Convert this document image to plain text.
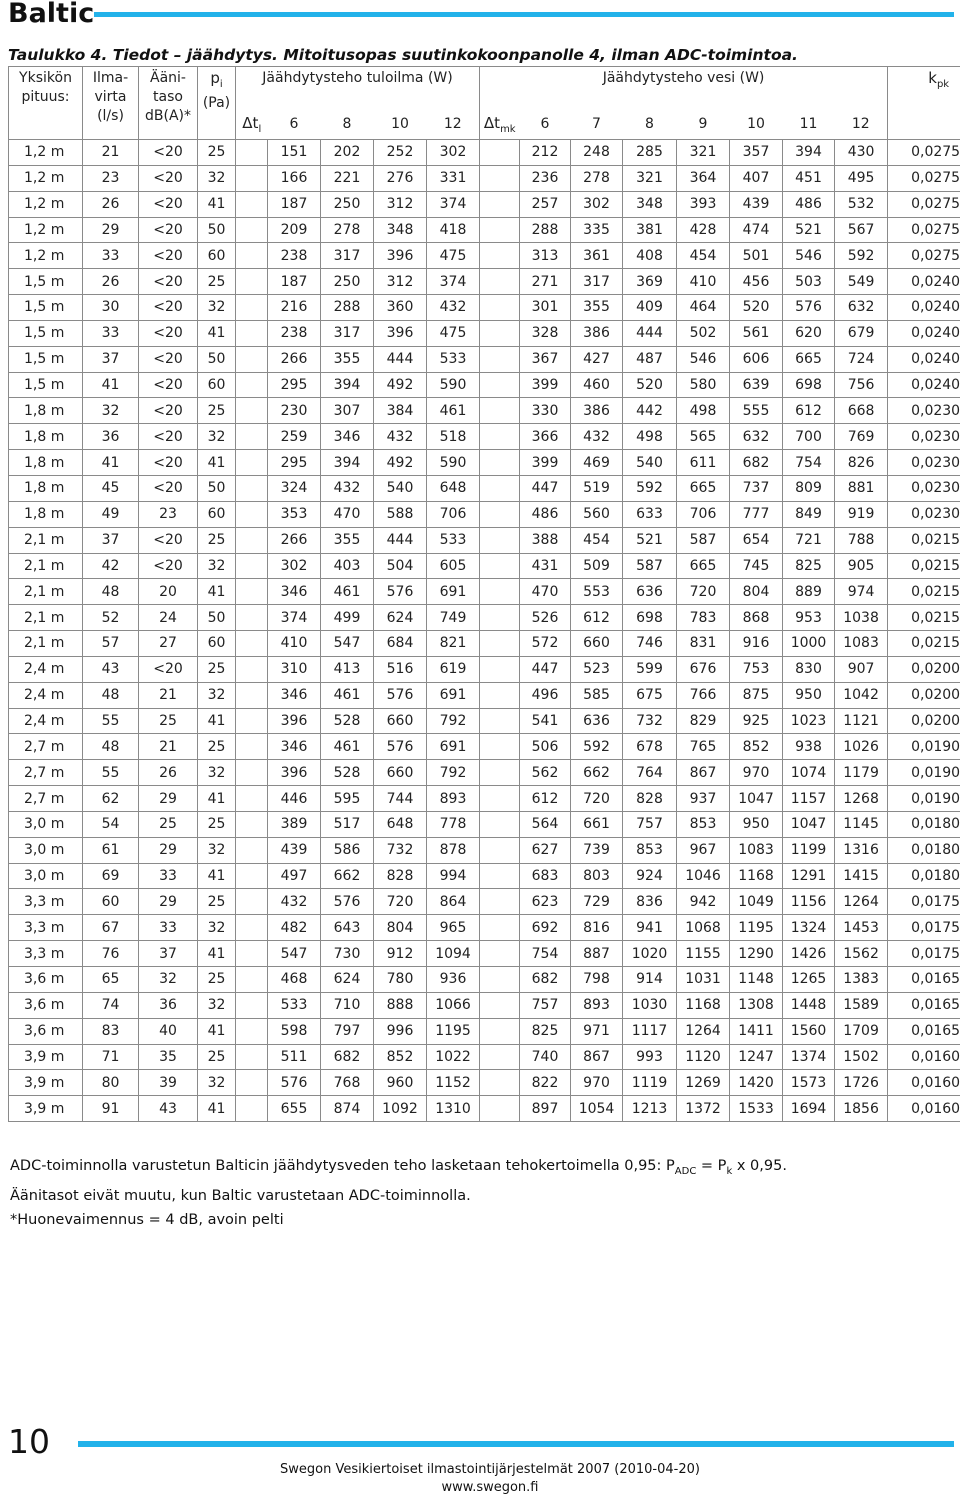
Baltic
Taulukko 4. Tiedot – jäähdytys. Mitoitusopas suutinkokoonpanolle 4, ilman ADC-toimintoa.
Yksikön pituus:	Ilma-virta (l/s)	Ääni-taso dB(A)*	$p_i$
(Pa)	Jäähdytysteho tuloilma (W)					Jäähdytysteho vesi (W)								$k_{pk}$
				$\Delta t_l$	6	8	10	12	$\Delta t_{mk}$	6	7	8	9	10	11	12	
1,2 m	21	<20	25		151	202	252	302		212	248	285	321	357	394	430	0,0275
1,2 m	23	<20	32		166	221	276	331		236	278	321	364	407	451	495	0,0275
1,2 m	26	<20	41		187	250	312	374		257	302	348	393	439	486	532	0,0275
1,2 m	29	<20	50		209	278	348	418		288	335	381	428	474	521	567	0,0275
1,2 m	33	<20	60		238	317	396	475		313	361	408	454	501	546	592	0,0275
1,5 m	26	<20	25		187	250	312	374		271	317	369	410	456	503	549	0,0240
1,5 m	30	<20	32		216	288	360	432		301	355	409	464	520	576	632	0,0240
1,5 m	33	<20	41		238	317	396	475		328	386	444	502	561	620	679	0,0240
1,5 m	37	<20	50		266	355	444	533		367	427	487	546	606	665	724	0,0240
1,5 m	41	<20	60		295	394	492	590		399	460	520	580	639	698	756	0,0240
1,8 m	32	<20	25		230	307	384	461		330	386	442	498	555	612	668	0,0230
1,8 m	36	<20	32		259	346	432	518		366	432	498	565	632	700	769	0,0230
1,8 m	41	<20	41		295	394	492	590		399	469	540	611	682	754	826	0,0230
1,8 m	45	<20	50		324	432	540	648		447	519	592	665	737	809	881	0,0230
1,8 m	49	23	60		353	470	588	706		486	560	633	706	777	849	919	0,0230
2,1 m	37	<20	25		266	355	444	533		388	454	521	587	654	721	788	0,0215
2,1 m	42	<20	32		302	403	504	605		431	509	587	665	745	825	905	0,0215
2,1 m	48	20	41		346	461	576	691		470	553	636	720	804	889	974	0,0215
2,1 m	52	24	50		374	499	624	749		526	612	698	783	868	953	1038	0,0215
2,1 m	57	27	60		410	547	684	821		572	660	746	831	916	1000	1083	0,0215
2,4 m	43	<20	25		310	413	516	619		447	523	599	676	753	830	907	0,0200
2,4 m	48	21	32		346	461	576	691		496	585	675	766	875	950	1042	0,0200
2,4 m	55	25	41		396	528	660	792		541	636	732	829	925	1023	1121	0,0200
2,7 m	48	21	25		346	461	576	691		506	592	678	765	852	938	1026	0,0190
2,7 m	55	26	32		396	528	660	792		562	662	764	867	970	1074	1179	0,0190
2,7 m	62	29	41		446	595	744	893		612	720	828	937	1047	1157	1268	0,0190
3,0 m	54	25	25		389	517	648	778		564	661	757	853	950	1047	1145	0,0180
3,0 m	61	29	32		439	586	732	878		627	739	853	967	1083	1199	1316	0,0180
3,0 m	69	33	41		497	662	828	994		683	803	924	1046	1168	1291	1415	0,0180
3,3 m	60	29	25		432	576	720	864		623	729	836	942	1049	1156	1264	0,0175
3,3 m	67	33	32		482	643	804	965		692	816	941	1068	1195	1324	1453	0,0175
3,3 m	76	37	41		547	730	912	1094		754	887	1020	1155	1290	1426	1562	0,0175
3,6 m	65	32	25		468	624	780	936		682	798	914	1031	1148	1265	1383	0,0165
3,6 m	74	36	32		533	710	888	1066		757	893	1030	1168	1308	1448	1589	0,0165
3,6 m	83	40	41		598	797	996	1195		825	971	1117	1264	1411	1560	1709	0,0165
3,9 m	71	35	25		511	682	852	1022		740	867	993	1120	1247	1374	1502	0,0160
3,9 m	80	39	32		576	768	960	1152		822	970	1119	1269	1420	1573	1726	0,0160
3,9 m	91	43	41		655	874	1092	1310		897	1054	1213	1372	1533	1694	1856	0,0160
ADC-toiminnolla varustetun Balticin jäähdytysveden teho lasketaan tehokertoimella 0,95: $P_{ADC} = P_k$ x 0,95.
Äänitasot eivät muutu, kun Baltic varustetaan ADC-toiminnolla.
*Huonevaimennus = 4 dB, avoin pelti
10
Swegon Vesikiertoiset ilmastointijärjestelmät 2007 (2010-04-20)
www.swegon.fi
